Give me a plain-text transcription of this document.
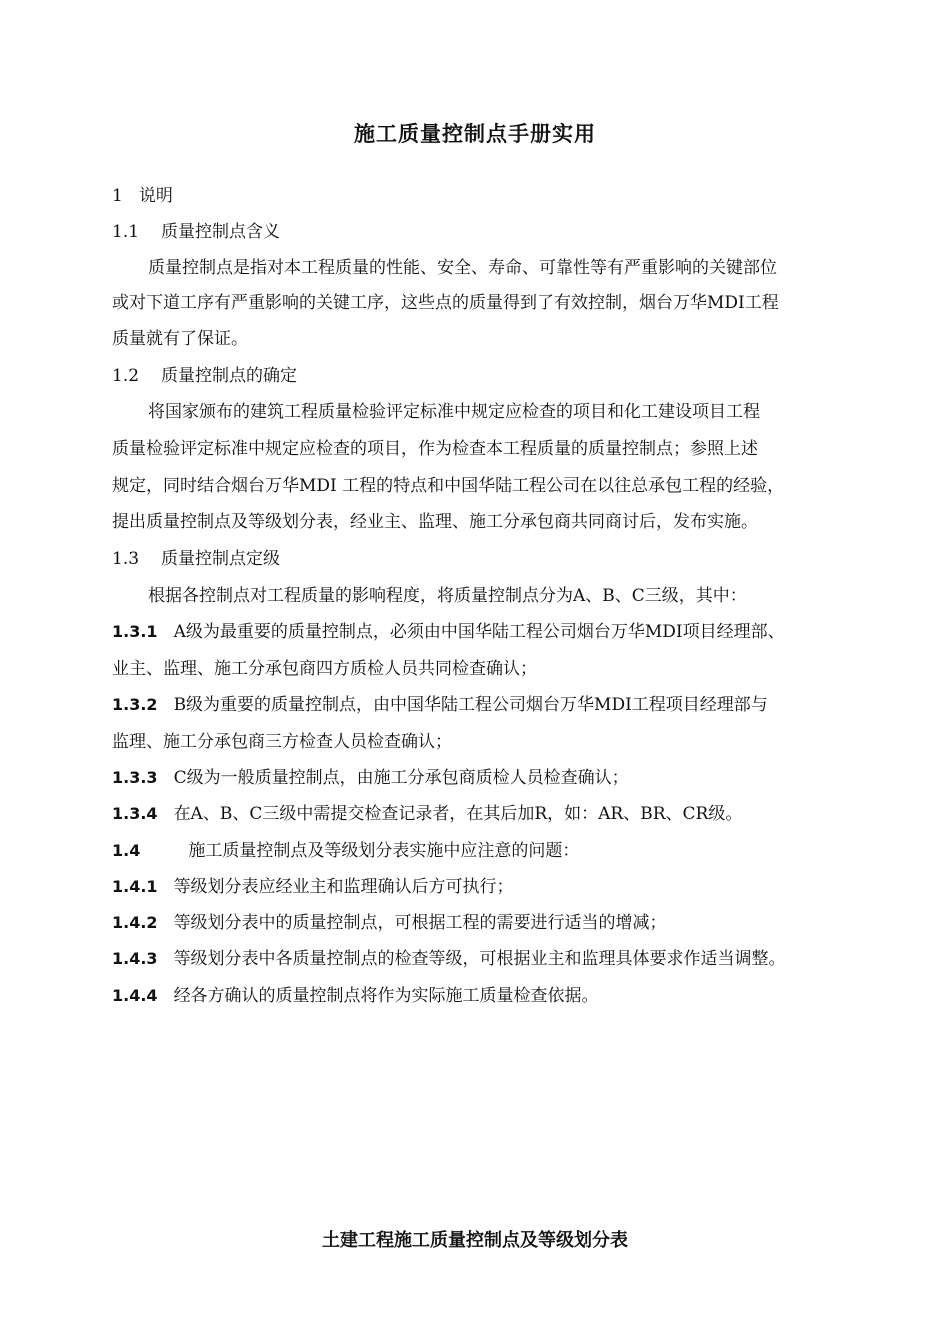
施工质量控制点手册实用
1 说明
1.1 质量控制点含义
质量控制点是指对本工程质量的性能、安全、寿命、可靠性等有严重影响的关键部位
或对下道工序有严重影响的关键工序，这些点的质量得到了有效控制，烟台万华MDI工程
质量就有了保证。
1.2 质量控制点的确定
将国家颁布的建筑工程质量检验评定标准中规定应检查的项目和化工建设项目工程
质量检验评定标准中规定应检查的项目，作为检查本工程质量的质量控制点；参照上述
规定，同时结合烟台万华MDI 工程的特点和中国华陆工程公司在以往总承包工程的经验，
提出质量控制点及等级划分表，经业主、监理、施工分承包商共同商讨后，发布实施。
1.3 质量控制点定级
根据各控制点对工程质量的影响程度，将质量控制点分为A、B、C三级，其中：
1.3.1 A级为最重要的质量控制点，必须由中国华陆工程公司烟台万华MDI项目经理部、
业主、监理、施工分承包商四方质检人员共同检查确认；
1.3.2 B级为重要的质量控制点，由中国华陆工程公司烟台万华MDI工程项目经理部与
监理、施工分承包商三方检查人员检查确认；
1.3.3 C级为一般质量控制点，由施工分承包商质检人员检查确认；
1.3.4 在A、B、C三级中需提交检查记录者，在其后加R，如：AR、BR、CR级。
1.4	施工质量控制点及等级划分表实施中应注意的问题：
1.4.1 等级划分表应经业主和监理确认后方可执行；
1.4.2 等级划分表中的质量控制点，可根据工程的需要进行适当的增减；
1.4.3 等级划分表中各质量控制点的检查等级，可根据业主和监理具体要求作适当调整。
1.4.4 经各方确认的质量控制点将作为实际施工质量检查依据。
土建工程施工质量控制点及等级划分表
